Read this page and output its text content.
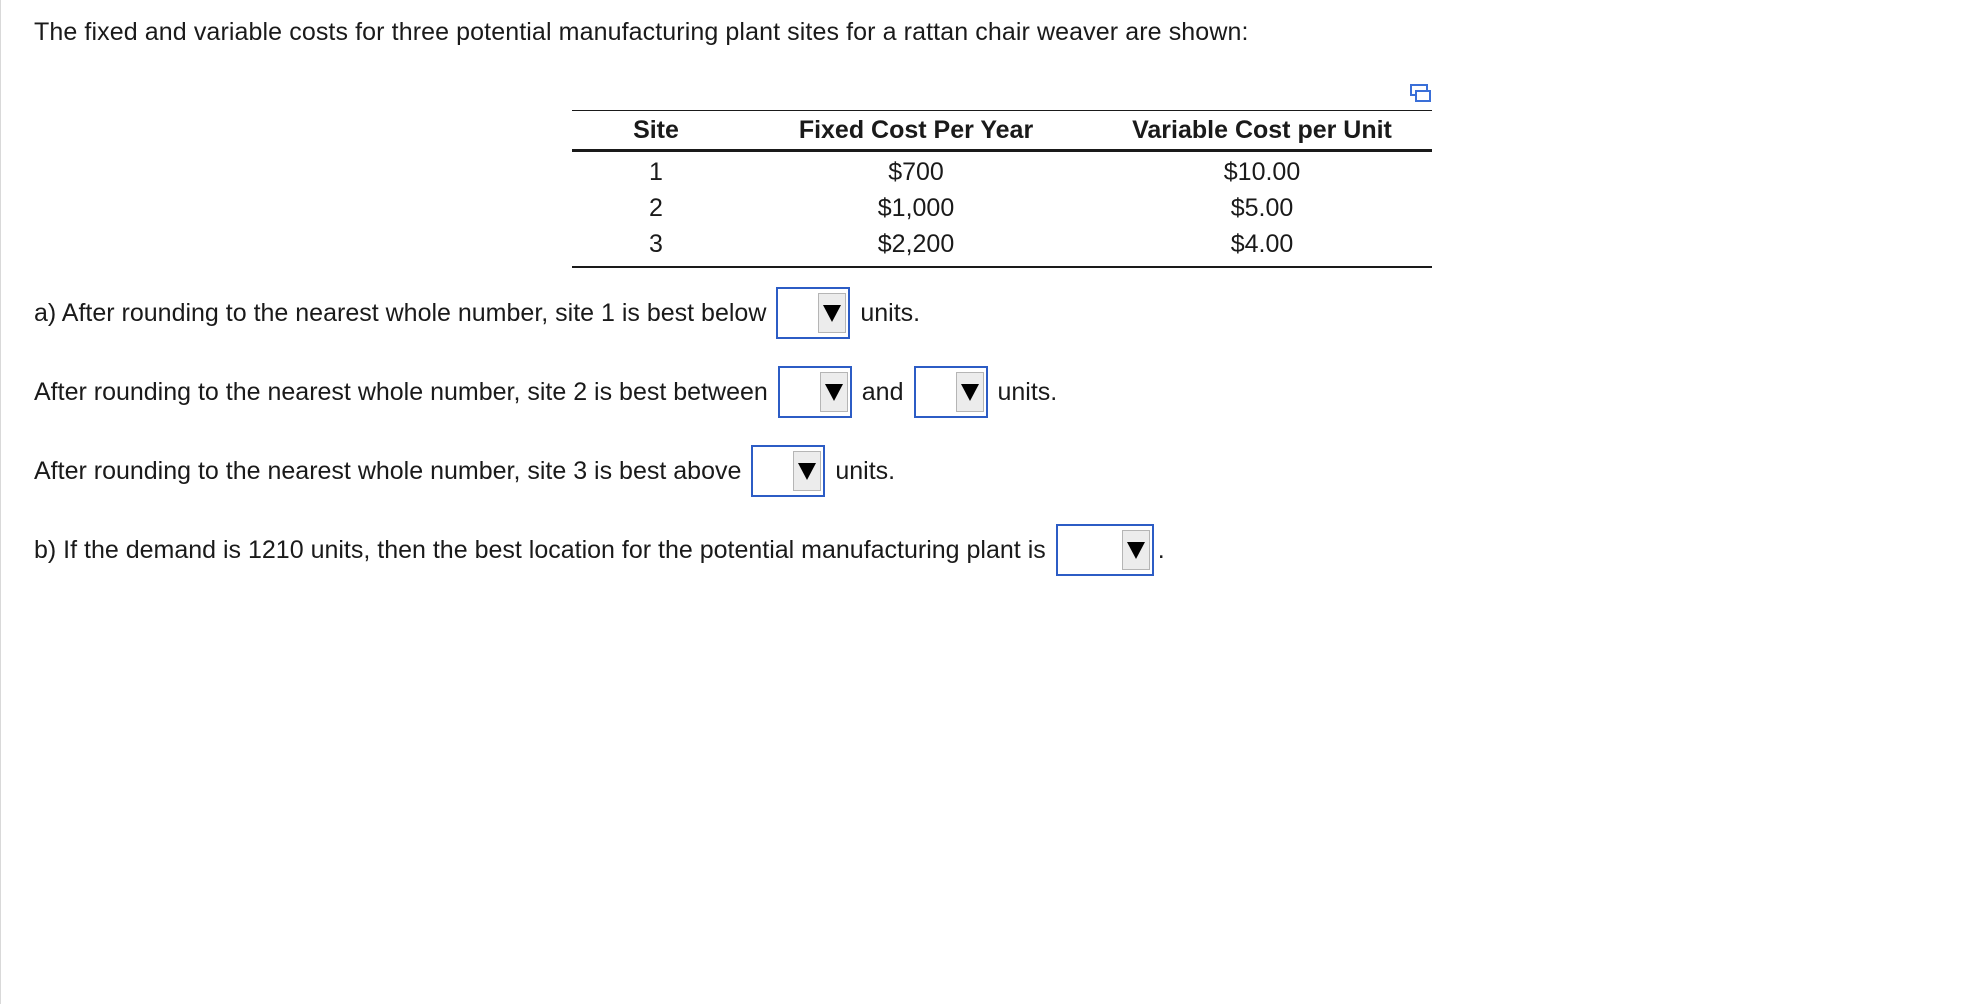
The fixed and variable costs for three potential manufacturing plant sites for a rattan chair weaver are shown:
Site	Fixed Cost Per Year	Variable Cost per Unit
1	$700	$10.00
2	$1,000	$5.00
3	$2,200	$4.00
a) After rounding to the nearest whole number, site 1 is best below	units.
After rounding to the nearest whole number, site 2 is best between	and	units.
After rounding to the nearest whole number, site 3 is best above	units.
b) If the demand is 1210 units, then the best location for the potential manufacturing plant is	.
